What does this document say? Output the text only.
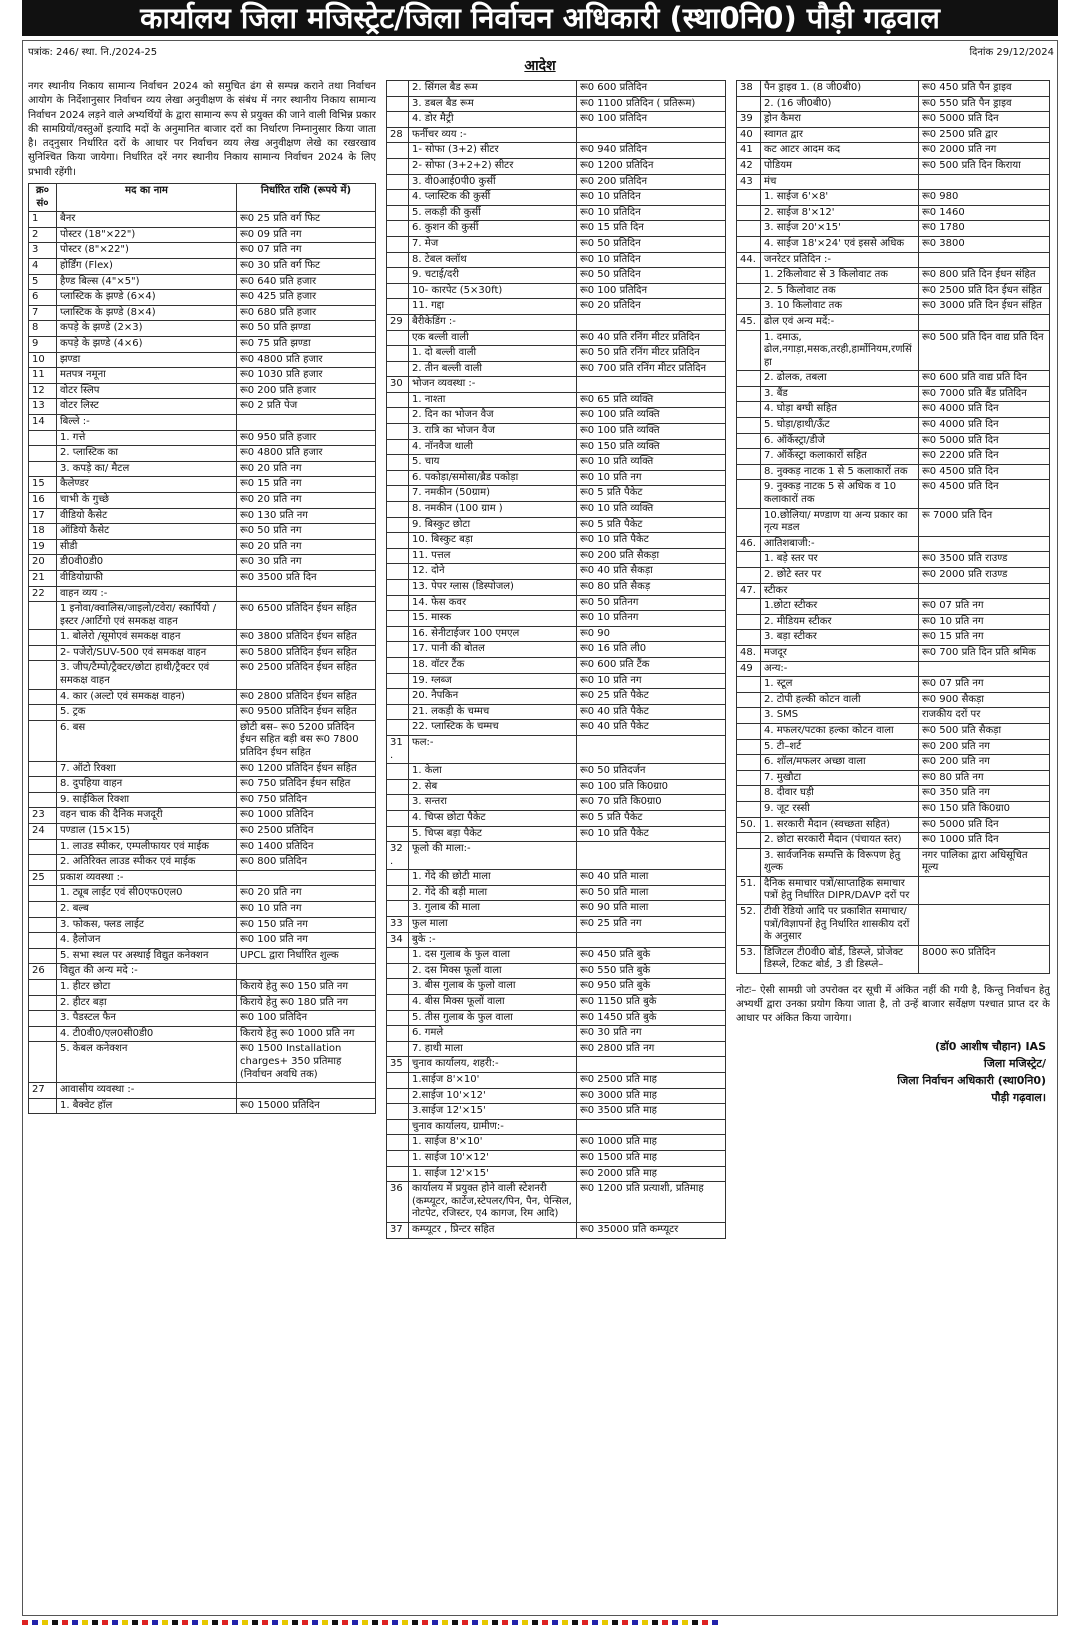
कार्यालय जिला मजिस्ट्रेट/जिला निर्वाचन अधिकारी (स्था0नि0) पौड़ी गढ़वाल
पत्रांक: 246/ स्था. नि./2024-25	दिनांक 29/12/2024
आदेश

नगर स्थानीय निकाय सामान्य निर्वाचन 2024 को समुचित ढंग से सम्पन्न कराने तथा निर्वाचन आयोग के निर्देशानुसार निर्वाचन व्यय लेखा अनुवीक्षण के संबंध में नगर स्थानीय निकाय सामान्य निर्वाचन 2024 लड़ने वाले अभ्यर्थियों के द्वारा सामान्य रूप से प्रयुक्त की जाने वाली विभिन्न प्रकार की सामग्रियों/वस्तुओं इत्यादि मदों के अनुमानित बाजार दरों का निर्धारण निम्नानुसार किया जाता है। तद्नुसार निर्धारित दरों के आधार पर निर्वाचन व्यय लेख अनुवीक्षण लेखे का रखरखाव सुनिश्चित किया जायेगा। निर्धारित दरें नगर स्थानीय निकाय सामान्य निर्वाचन 2024 के लिए प्रभावी रहेंगी।

क्र० सं०	मद का नाम	निर्धारित राशि (रूपये में)
1	बैनर	रू0 25 प्रति वर्ग फिट
2	पोस्टर (18"×22")	रू0 09 प्रति नग
3	पोस्टर (8"×22")	रू0 07 प्रति नग
4	होर्डिंग (Flex)	रू0 30 प्रति वर्ग फिट
5	हैण्ड बिल्स (4"×5")	रू0 640 प्रति हजार
6	प्लास्टिक के झण्डे (6×4)	रू0 425 प्रति हजार
7	प्लास्टिक के झण्डे (8×4)	रू0 680 प्रति हजार
8	कपड़े के झण्डे (2×3)	रू0 50 प्रति झण्डा
9	कपड़े के झण्डे (4×6)	रू0 75 प्रति झण्डा
10	झण्डा	रू0 4800 प्रति हजार
11	मतपत्र नमूना	रू0 1030 प्रति हजार
12	वोटर स्लिप	रू0 200 प्रति हजार
13	वोटर लिस्ट	रू0 2 प्रति पेज
14	बिल्ले :-	
	1. गत्ते	रू0 950 प्रति हजार
	2. प्लास्टिक का	रू0 4800 प्रति हजार
	3. कपड़े का/ मैटल	रू0 20 प्रति नग
15	कैलेण्डर	रू0 15 प्रति नग
16	चाभी के गुच्छे	रू0 20 प्रति नग
17	वीडियो कैसेट	रू0 130 प्रति नग
18	ऑडियो कैसेट	रू0 50 प्रति नग
19	सीडी	रू0 20 प्रति नग
20	डी0वी0डी0	रू0 30 प्रति नग
21	वीडियोग्राफी	रू0 3500 प्रति दिन
22	वाहन व्यय :-	
	1 इनोवा/क्वालिस/जाइलो/टवेरा/ स्कार्पियो /इस्टर /आर्टिगो एवं समकक्ष वाहन	रू0 6500 प्रतिदिन ईधन सहित
	1. बोलेरो /सूमोएवं समकक्ष वाहन	रू0 3800 प्रतिदिन ईधन सहित
	2- पजेरो/SUV-500 एवं समकक्ष वाहन	रू0 5800 प्रतिदिन ईधन सहित
	3. जीप/टैम्पो/ट्रैक्टर/छोटा हाथी/ट्रैक्टर एवं समकक्ष वाहन	रू0 2500 प्रतिदिन ईधन सहित
	4. कार (अल्टो एवं समकक्ष वाहन)	रू0 2800 प्रतिदिन ईधन सहित
	5. ट्रक	रू0 9500 प्रतिदिन ईधन सहित
	6. बस	छोटी बस– रू0 5200 प्रतिदिन ईधन सहित बड़ी बस रू0 7800 प्रतिदिन ईधन सहित
	7. ऑटो रिक्शा	रू0 1200 प्रतिदिन ईधन सहित
	8. दुपहिया वाहन	रू0 750 प्रतिदिन ईधन सहित
	9. साईकिल रिक्शा	रू0 750 प्रतिदिन
23	वहन चाक की दैनिक मजदूरी	रू0 1000 प्रतिदिन
24	पण्डाल (15×15)	रू0 2500 प्रतिदिन
	1. लाउड स्पीकर, एम्पलीफायर एवं माईक	रू0 1400 प्रतिदिन
	2. अतिरिक्त लाउड स्पीकर एवं माईक	रू0 800 प्रतिदिन
25	प्रकाश व्यवस्था :-	
	1. ट्यूब लाईट एवं सी0एफ0एल0	रू0 20 प्रति नग
	2. बल्ब	रू0 10 प्रति नग
	3. फोकस, फ्लड लाईट	रू0 150 प्रति नग
	4. हैलोजन	रू0 100 प्रति नग
	5. सभा स्थल पर अस्थाई विद्युत कनेक्शन	UPCL द्वारा निर्धारित शुल्क
26	विद्युत की अन्य मदे :-	
	1. हीटर छोटा	किराये हेतु रू0 150 प्रति नग
	2. हीटर बड़ा	किराये हेतु रू0 180 प्रति नग
	3. पैडस्टल फैन	रू0 100 प्रतिदिन
	4. टी0वी0/एल0सी0डी0	किराये हेतु रू0 1000 प्रति नग
	5. केबल कनेक्शन	रू0 1500 Installation charges+ 350 प्रतिमाह (निर्वाचन अवधि तक)
27	आवासीय व्यवस्था :-	
	1. बैक्वेट हॉल	रू0 15000 प्रतिदिन
	2. सिंगल बैड रूम	रू0 600 प्रतिदिन
	3. डबल बैड रूम	रू0 1100 प्रतिदिन ( प्रतिरूम)
	4. डोर मैट्री	रू0 100 प्रतिदिन
28	फर्नीचर व्यय :-	
	1- सोफा (3+2) सीटर	रू0 940 प्रतिदिन
	2- सोफा (3+2+2) सीटर	रू0 1200 प्रतिदिन
	3. वी0आई0पी0 कुर्सी	रू0 200 प्रतिदिन
	4. प्लास्टिक की कुर्सी	रू0 10 प्रतिदिन
	5. लकड़ी की कुर्सी	रू0 10 प्रतिदिन
	6. कुशन की कुर्सी	रू0 15 प्रति दिन
	7. मेज	रू0 50 प्रतिदिन
	8. टेबल क्लॉथ	रू0 10 प्रतिदिन
	9. चटाई/दरी	रू0 50 प्रतिदिन
	10- कारपेट (5×30ft)	रू0 100 प्रतिदिन
	11. गद्दा	रू0 20 प्रतिदिन
29	बैरीकेडिंग :-	
	एक बल्ली वाली	रू0 40 प्रति रनिंग मीटर प्रतिदिन
	1. दो बल्ली वाली	रू0 50 प्रति रनिंग मीटर प्रतिदिन
	2. तीन बल्ली वाली	रू0 700 प्रति रनिंग मीटर प्रतिदिन
30	भोजन व्यवस्था :-	
	1. नाश्ता	रू0 65 प्रति व्यक्ति
	2. दिन का भोजन वैज	रू0 100 प्रति व्यक्ति
	3. रात्रि का भोजन वैज	रू0 100 प्रति व्यक्ति
	4. नॉनवैज थाली	रू0 150 प्रति व्यक्ति
	5. चाय	रू0 10 प्रति व्यक्ति
	6. पकोड़ा/समोसा/ब्रैड पकोड़ा	रू0 10 प्रति नग
	7. नमकीन (50ग्राम)	रू0 5 प्रति पैकेट
	8. नमकीन (100 ग्राम )	रू0 10 प्रति व्यक्ति
	9. बिस्कुट छोटा	रू0 5 प्रति पैकेट
	10. बिस्कुट बड़ा	रू0 10 प्रति पैकेट
	11. पत्तल	रू0 200 प्रति सैकड़ा
	12. दोने	रू0 40 प्रति सैकड़ा
	13. पेपर ग्लास (डिस्पोजल)	रू0 80 प्रति सैकड़
	14. फेस कवर	रू0 50 प्रतिनग
	15. मास्क	रू0 10 प्रतिनग
	16. सेनीटाईजर 100 एमएल	रू0 90
	17. पानी की बोतल	रू0 16 प्रति ली0
	18. वॉटर टैंक	रू0 600 प्रति टैंक
	19. ग्लब्ज	रू0 10 प्रति नग
	20. नैपकिन	रू0 25 प्रति पैकेट
	21. लकड़ी के चम्मच	रू0 40 प्रति पैकेट
	22. प्लास्टिक के चम्मच	रू0 40 प्रति पैकेट
31.	फल:-	
	1. केला	रू0 50 प्रतिदर्जन
	2. सेब	रू0 100 प्रति कि0ग्रा0
	3. सन्तरा	रू0 70 प्रति कि0ग्रा0
	4. चिप्स छोटा पैकेट	रू0 5 प्रति पैकेट
	5. चिप्स बड़ा पैकेट	रू0 10 प्रति पैकेट
32.	फूलो की माला:-	
	1. गेंदे की छोटी माला	रू0 40 प्रति माला
	2. गेंदे की बड़ी माला	रू0 50 प्रति माला
	3. गुलाब की माला	रू0 90 प्रति माला
33	फुल माला	रू0 25 प्रति नग
34	बुके :-	
	1. दस गुलाब के फुल वाला	रू0 450 प्रति बुके
	2. दस मिक्स फूलों वाला	रू0 550 प्रति बुके
	3. बीस गुलाब के फुलो वाला	रू0 950 प्रति बुके
	4. बीस मिक्स फूलों वाला	रू0 1150 प्रति बुके
	5. तीस गुलाब के फुल वाला	रू0 1450 प्रति बुके
	6. गमले	रू0 30 प्रति नग
	7. हाथी माला	रू0 2800 प्रति नग
35	चुनाव कार्यालय, शहरी:-	
	1.साईज 8'×10'	रू0 2500 प्रति माह
	2.साईज 10'×12'	रू0 3000 प्रति माह
	3.साईज 12'×15'	रू0 3500 प्रति माह
	चुनाव कार्यालय, ग्रामीण:-	
	1. साईज 8'×10'	रू0 1000 प्रति माह
	1. साईज 10'×12'	रू0 1500 प्रति माह
	1. साईज 12'×15'	रू0 2000 प्रति माह
36	कार्यालय में प्रयुक्त होने वाली स्टेशनरी (कम्प्यूटर, कार्टेज,स्टेपलर/पिन, पैन, पेन्सिल, नोटपेट, रजिस्टर, ए4 कागज, रिम आदि)	रू0 1200 प्रति प्रत्याशी, प्रतिमाह
37	कम्प्यूटर , प्रिन्टर सहित	रू0 35000 प्रति कम्प्यूटर
38	पैन ड्राइव 1. (8 जी0बी0)	रू0 450 प्रति पैन ड्राइव
	2. (16 जी0बी0)	रू0 550 प्रति पैन ड्राइव
39	ड्रोन कैमरा	रू0 5000 प्रति दिन
40	स्वागत द्वार	रू0 2500 प्रति द्वार
41	कट आटर आदम कद	रू0 2000 प्रति नग
42	पोडियम	रू0 500 प्रति दिन किराया
43	मंच	
	1. साईज 6'×8'	रू0 980
	2. साईज 8'×12'	रू0 1460
	3. साईज 20'×15'	रू0 1780
	4. साईज 18'×24' एवं इससे अधिक	रू0 3800
44.	जनरेटर प्रतिदिन :-	
	1. 2किलोवाट से 3 किलोवाट तक	रू0 800 प्रति दिन ईधन संहित
	2. 5 किलोवाट तक	रू0 2500 प्रति दिन ईधन संहित
	3. 10 किलोवाट तक	रू0 3000 प्रति दिन ईधन संहित
45.	ढोल एवं अन्य मदें:-	
	1. दमाऊ, ढोल,नगाड़ा,मसक,तरही,हार्मोनियम,रणसिंहा	रू0 500 प्रति दिन वाद्य प्रति दिन
	2. ढोलक, तबला	रू0 600 प्रति वाद्य प्रति दिन
	3. बैंड	रू0 7000 प्रति बैंड प्रतिदिन
	4. घोड़ा बग्घी सहित	रू0 4000 प्रति दिन
	5. घोड़ा/हाथी/ऊँट	रू0 4000 प्रति दिन
	6. ऑर्केस्ट्रा/डीजे	रू0 5000 प्रति दिन
	7. ऑर्केस्ट्रा कलाकारों सहित	रू0 2200 प्रति दिन
	8. नुक्कड़ नाटक 1 से 5 कलाकारों तक	रू0 4500 प्रति दिन
	9. नुक्कड़ नाटक 5 से अधिक व 10 कलाकारों तक	रू0 4500 प्रति दिन
	10.छोलिया/ मण्डाण या अन्य प्रकार का नृत्य मडल	रू 7000 प्रति दिन
46.	आतिशबाजी:-	
	1. बड़े स्तर पर	रू0 3500 प्रति राउण्ड
	2. छोटे स्तर पर	रू0 2000 प्रति राउण्ड
47.	स्टीकर	
	1.छोटा स्टीकर	रू0 07 प्रति नग
	2. मीडियम स्टीकर	रू0 10 प्रति नग
	3. बड़ा स्टीकर	रू0 15 प्रति नग
48.	मजदूर	रू0 700 प्रति दिन प्रति श्रमिक
49	अन्य:-	
	1. स्टूल	रू0 07 प्रति नग
	2. टोपी हल्की कोटन वाली	रू0 900 सैकड़ा
	3. SMS	राजकीय दरों पर
	4. मफलर/पटका हल्का कोटन वाला	रू0 500 प्रति सैकड़ा
	5. टी–शर्ट	रू0 200 प्रति नग
	6. शॉल/मफलर अच्छा वाला	रू0 200 प्रति नग
	7. मुखौटा	रू0 80 प्रति नग
	8. दीवार घड़ी	रू0 350 प्रति नग
	9. जूट रस्सी	रू0 150 प्रति कि0ग्रा0
50.	1. सरकारी मैदान (स्वच्छता सहित)	रू0 5000 प्रति दिन
	2. छोटा सरकारी मैदान (पंचायत स्तर)	रू0 1000 प्रति दिन
	3. सार्वजनिक सम्पत्ति के विरूपण हेतु शुल्क	नगर पालिका द्वारा अधिसूचित मूल्य
51.	दैनिक समाचार पत्रों/साप्ताहिक समाचार पत्रों हेतु निर्धारित DIPR/DAVP दरों पर	
52.	टीवी रेडियो आदि पर प्रकाशित समाचार/पत्रों/विज्ञापनों हेतु निर्धारित शासकीय दरों के अनुसार	
53.	डिजिटल टी0वी0 बोर्ड, डिस्प्ले, प्रोजेक्ट डिस्प्ले, टिकट बोर्ड, 3 डी डिस्प्ले–	8000 रू0 प्रतिदिन

नोटः– ऐसी सामग्री जो उपरोक्त दर सूची में अंकित नहीं की गयी है, किन्तु निर्वाचन हेतु अभ्यर्थी द्वारा उनका प्रयोग किया जाता है, तो उन्हें बाजार सर्वेक्षण पश्चात प्राप्त दर के आधार पर अंकित किया जायेगा।

(डॉ0 आशीष चौहान) IAS
जिला मजिस्ट्रेट/
जिला निर्वाचन अधिकारी (स्था0नि0)
पौड़ी गढ़वाल।
